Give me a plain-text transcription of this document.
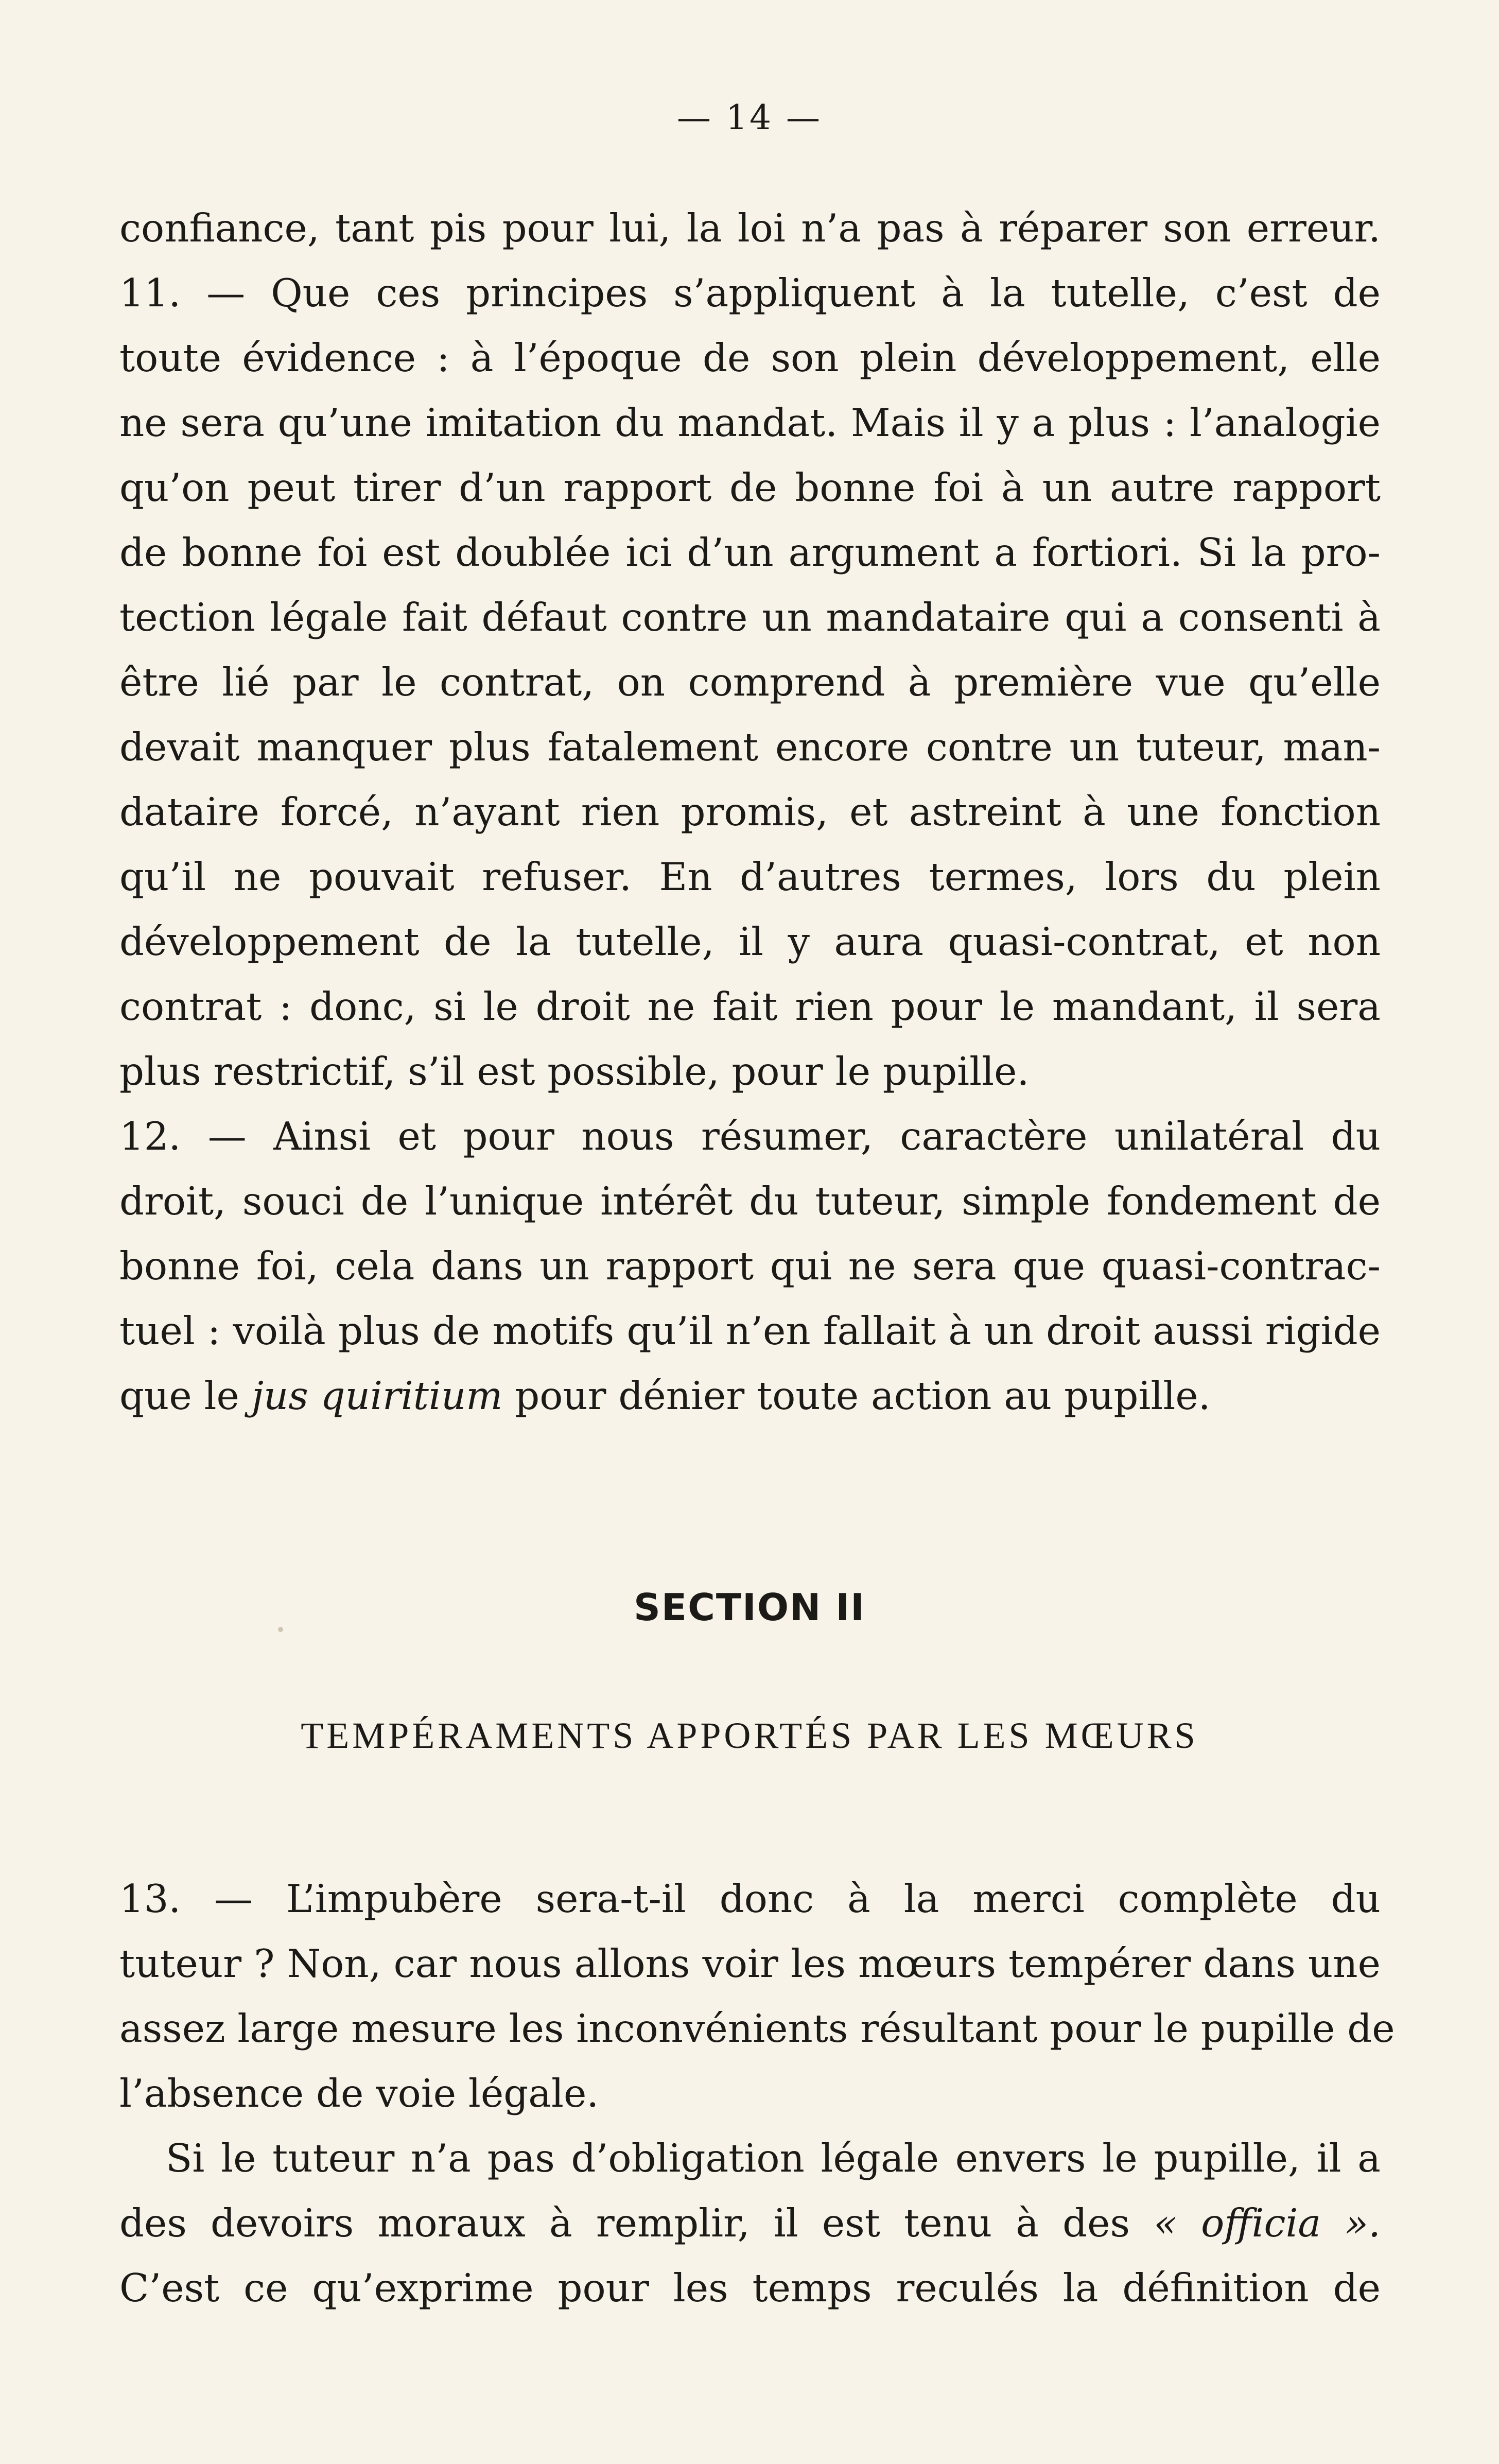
— 14 —
confiance, tant pis pour lui, la loi n’a pas à réparer son erreur.
11. — Que ces principes s’appliquent à la tutelle, c’est de
toute évidence : à l’époque de son plein développement, elle
ne sera qu’une imitation du mandat. Mais il y a plus : l’analogie
qu’on peut tirer d’un rapport de bonne foi à un autre rapport
de bonne foi est doublée ici d’un argument a fortiori. Si la pro-
tection légale fait défaut contre un mandataire qui a consenti à
être lié par le contrat, on comprend à première vue qu’elle
devait manquer plus fatalement encore contre un tuteur, man-
dataire forcé, n’ayant rien promis, et astreint à une fonction
qu’il ne pouvait refuser. En d’autres termes, lors du plein
développement de la tutelle, il y aura quasi-contrat, et non
contrat : donc, si le droit ne fait rien pour le mandant, il sera
plus restrictif, s’il est possible, pour le pupille.
12. — Ainsi et pour nous résumer, caractère unilatéral du
droit, souci de l’unique intérêt du tuteur, simple fondement de
bonne foi, cela dans un rapport qui ne sera que quasi-contrac-
tuel : voilà plus de motifs qu’il n’en fallait à un droit aussi rigide
que le jus quiritium pour dénier toute action au pupille.
SECTION II
TEMPÉRAMENTS APPORTÉS PAR LES MŒURS
13. — L’impubère sera-t-il donc à la merci complète du
tuteur ? Non, car nous allons voir les mœurs tempérer dans une
assez large mesure les inconvénients résultant pour le pupille de
l’absence de voie légale.
Si le tuteur n’a pas d’obligation légale envers le pupille, il a
des devoirs moraux à remplir, il est tenu à des « officia ».
C’est ce qu’exprime pour les temps reculés la définition de
